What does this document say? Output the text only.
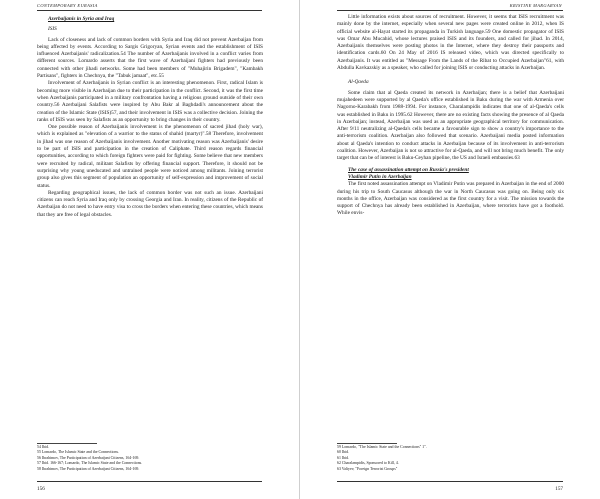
CONTEMPORARY EURASIA
Azerbaijanis in Syria and Iraq
ISIS

Lack of closeness and lack of common borders with Syria and Iraq did not prevent Azerbaijan from being affected by events. According to Sargis Grigoryan, Syrian events and the establishment of ISIS influenced Azerbaijanis' radicalization.54 The number of Azerbaijanis involved in a conflict varies from different sources. Lomardo asserts that the first wave of Azerbaijani fighters had previously been connected with other jihadi networks. Some had been members of "Muhajirin Brigadem", "Kambakh Partisans", fighters in Chechnya, the "Tabuk jamaat", etc.55

Involvement of Azerbaijanis in Syrian conflict is an interesting phenomenon. First, radical Islam is becoming more visible in Azerbaijan due to their participation in the conflict. Second, it was the first time when Azerbaijanis participated in a military confrontation having a religious ground outside of their own country.56 Azerbaijani Salafists were inspired by Abu Bakr al Baghdadi's announcement about the creation of the Islamic State (ISIS)57, and their involvement in ISIS was a collective decision. Joining the ranks of ISIS was seen by Salafists as an opportunity to bring changes in their country.

One possible reason of Azerbaijanis involvement is the phenomenon of sacred jihad (holy war), which is explained as "elevation of a warrior to the status of shahid (martyr)".58 Therefore, involvement in jihad was one reason of Azerbaijanis involvement. Another motivating reason was Azerbaijanis' desire to be part of ISIS and participation in the creation of Caliphate. Third reason regards financial opportunities, according to which foreign fighters were paid for fighting. Some believe that new members were recruited by radical, militant Salafists by offering financial support. Therefore, it should not be surprising why young uneducated and untrained people were noticed among militants. Joining terrorist group also gives this segment of population an opportunity of self-expression and improvement of social status.

Regarding geographical issues, the lack of common border was not such an issue. Azerbaijani citizens can reach Syria and Iraq only by crossing Georgia and Iran. In reality, citizens of the Republic of Azerbaijan do not need to have entry visa to cross the borders when entering these countries, which means that they are free of legal obstacles.

54 Ibid.
55 Lomardo, The Islamic State and the Connections.
56 Ibrahimov, The Participation of Azerbaijani Citizens, 164-169.
57 Ibid. 166-167; Lomardo, The Islamic State and the Connections.
58 Ibrahimov, The Participation of Azerbaijani Citizens, 164-169.
156
KRISTINE MARGARYAN

Little information exists about sources of recruitment. However, it seems that ISIS recruitment was mainly done by the internet, especially when several new pages were created online in 2012, when IS official website al-Hayat started its propaganda in Turkish language.59 One domestic propagator of ISIS was Omar Abu Mucahid, whose lectures praised ISIS and its founders, and called for jihad. In 2014, Azerbaijanis themselves were posting photos in the Internet, where they destroy their passports and identification cards.60 On 24 May of 2016 IS released video, which was directed specifically to Azerbaijanis. It was entitled as "Message From the Lands of the Ribat to Occupied Azerbaijan"61, with Abdulla Kavkazskiy as a speaker, who called for joining ISIS or conducting attacks in Azerbaijan.

Al-Qaeda

Some claim that al Qaeda created its network in Azerbaijan; there is a belief that Azerbaijani mujahedeen were supported by al Qaeda's office established in Baku during the war with Armenia over Nagorno-Karabakh from 1988-1994. For instance, Charalampidis indicates that one of al-Qaeda's cells was established in Baku in 1995.62 However, there are no existing facts showing the presence of al Qaeda in Azerbaijan; instead, Azerbaijan was used as an appropriate geographical territory for communication. After 9/11 neutralizing al-Qaeda's cells became a favourable sign to show a country's importance to the anti-terrorism coalition. Azerbaijan also followed that scenario. Azerbaijani media posted information about al Qaeda's intention to conduct attacks in Azerbaijan because of its involvement in anti-terrorism coalition. However, Azerbaijan is not so attractive for al-Qaeda, and will not bring much benefit. The only target that can be of interest is Baku-Ceyhan pipeline, the US and Israeli embassies.63

The case of assassination attempt on Russia's president
Vladimir Putin in Azerbaijan

The first noted assassination attempt on Vladimir Putin was prepared in Azerbaijan in the end of 2000 during his trip to South Caucasus although the war in North Caucasus was going on. Being only six months in the office, Azerbaijan was considered as the first country for a visit. The mission towards the support of Chechnya has already been established in Azerbaijan, where terrorists have got a foothold. While envis-

59 Lomardo, "The Islamic State and the Connections" 1".
60 Ibid.
61 Ibid.
62 Charalampidis, Sponsored to Kill, 4.
63 Valiyev, "Foreign Terrorist Groups"
157
